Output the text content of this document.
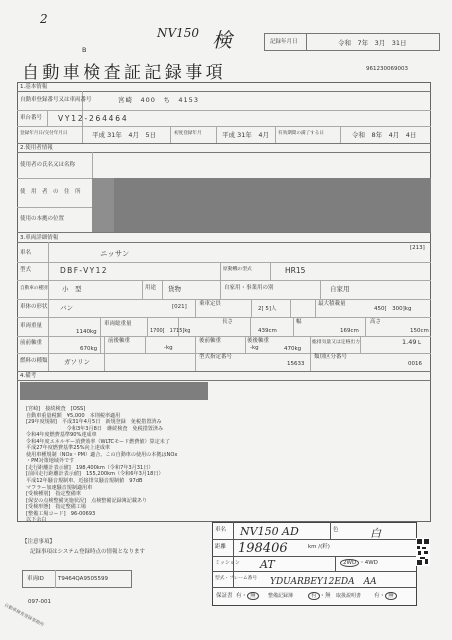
2
NV150 検
B
記録年月日	令和　7年　3月　31日
自動車検査証記録事項	961230069003
1.基本情報
自動車登録番号又は車両番号	宮崎　400　ち　4153
車台番号 VY12-264464
登録年月日/交付年月日	平成 31年　4月　5日	初度登録年月	平成 31年　4月 有効期間の満了する日	令和　8年　4月　4日
2.使用者情報
使用者の氏名又は名称
使　用　者　の　住　所
使用の本拠の位置
3.車両詳細情報
[213]
車名	ニッサン
型式	DBF-VY12	原動機の型式	HR15
自動車の種別 小　型	用途 貨物	自家用・事業用の別	自家用
車体の形状 バン	[021] 乗車定員
2[ 5]人
最大積載量
450[　300]kg
車両重量
1140kg
車両総重量
1700[　1715]kg
長さ
439cm
幅
169cm
高さ
150cm
前前軸重
670kg
前後軸重
-kg
後前軸重
-kg
後後軸重
470kg
総排気量又は定格出力	1.49 L
燃料の種類	ガソリン
型式指定番号
15633
類別区分番号
0016
4.備考
[宮崎]　接続検査　[OSS]
自動車重量税額　¥5,000　本則税率適用
[29年度規制]　平成31年4月5日　新規登録　免税措置済み
　　　　　　　　令和3年3月8日　継続検査　免税措置済み
令和4年度燃費基準90%達成車
令和4年度エネルギー消費効率（WLTCモード燃費値）算定未了
平成27年度燃費基準25%向上達成車
使用車種規制（NOx・PM）適合、この自動車の使用の本拠はNOx
・PM対策地域外です
[走行距離計表示値]　198,400km（令和7年3月31日）
[前回走行距離計表示値]　155,200km（令和6年3月18日）
平成12年騒音規制車、近接排気騒音規制値　97dB
マフラー加速騒音規制適用車
[受検種別]　指定整備車
[保安の点検整備実施状況]　点検整備記録簿記載あり
[受検形態]　指定整備工場
[整備工場コード]　96-00693
以下余白
【注意事項】
記録事項はシステム登録時点の情報となります
車両ID	T9464QA9505599
097-001
自動車検査登録事務所
車名 NV150 AD	色	白
距離 198406	km /(粁)
ミッション AT	2WD ・4WD
型式・フレーム番号 YDUARBEY12EDA　AA
保証書 有・ 無	整備記録簿	有 ・無 取扱説明書 有・ 無
